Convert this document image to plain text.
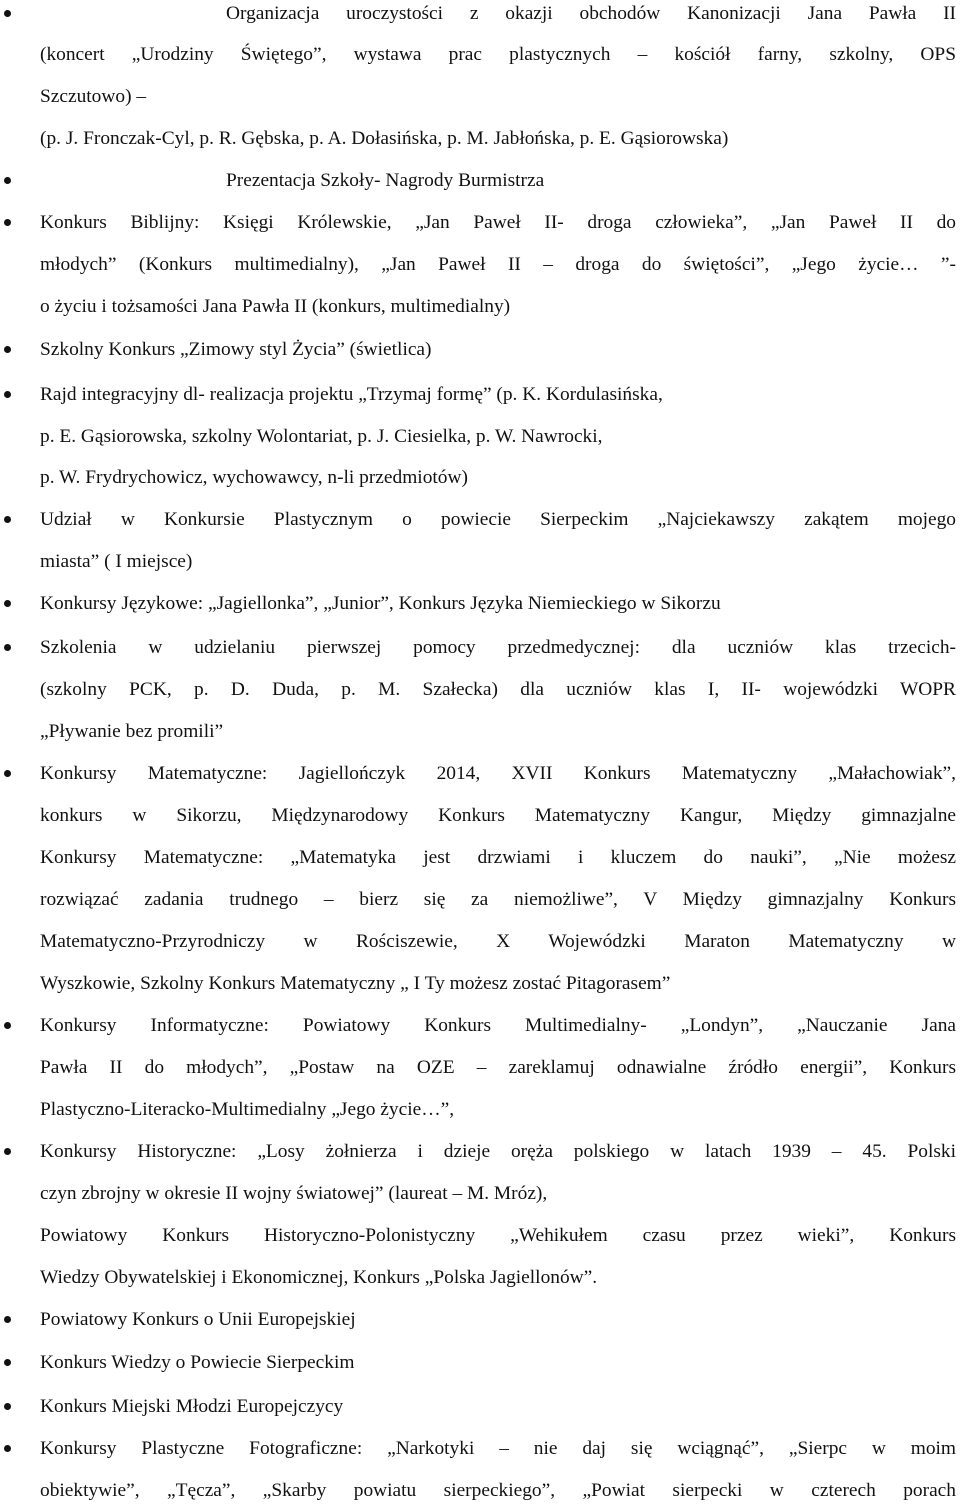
Organizacja uroczystości z okazji obchodów Kanonizacji Jana Pawła II
(koncert „Urodziny Świętego”, wystawa prac plastycznych – kościół farny, szkolny, OPS
Szczutowo) –
(p. J. Fronczak-Cyl, p. R. Gębska, p. A. Dołasińska, p. M. Jabłońska, p. E. Gąsiorowska)
Prezentacja Szkoły- Nagrody Burmistrza
Konkurs Biblijny: Księgi Królewskie, „Jan Paweł II- droga człowieka”, „Jan Paweł II do
młodych” (Konkurs multimedialny), „Jan Paweł II – droga do świętości”, „Jego życie… ”-
o życiu i tożsamości Jana Pawła II (konkurs, multimedialny)
Szkolny Konkurs „Zimowy styl Życia” (świetlica)
Rajd integracyjny dl- realizacja projektu „Trzymaj formę” (p. K. Kordulasińska,
p. E. Gąsiorowska, szkolny Wolontariat, p. J. Ciesielka, p. W. Nawrocki,
p. W. Frydrychowicz, wychowawcy, n-li przedmiotów)
Udział w Konkursie Plastycznym o powiecie Sierpeckim „Najciekawszy zakątem mojego
miasta” ( I miejsce)
Konkursy Językowe: „Jagiellonka”, „Junior”, Konkurs Języka Niemieckiego w Sikorzu
Szkolenia w udzielaniu pierwszej pomocy przedmedycznej: dla uczniów klas trzecich-
(szkolny PCK, p. D. Duda, p. M. Szałecka) dla uczniów klas I, II- wojewódzki WOPR
„Pływanie bez promili”
Konkursy Matematyczne: Jagiellończyk 2014, XVII Konkurs Matematyczny „Małachowiak”,
konkurs w Sikorzu, Międzynarodowy Konkurs Matematyczny Kangur, Między gimnazjalne
Konkursy Matematyczne: „Matematyka jest drzwiami i kluczem do nauki”, „Nie możesz
rozwiązać zadania trudnego – bierz się za niemożliwe”, V Między gimnazjalny Konkurs
Matematyczno-Przyrodniczy w Rościszewie, X Wojewódzki Maraton Matematyczny w
Wyszkowie, Szkolny Konkurs Matematyczny „ I Ty możesz zostać Pitagorasem”
Konkursy Informatyczne: Powiatowy Konkurs Multimedialny- „Londyn”, „Nauczanie Jana
Pawła II do młodych”, „Postaw na OZE – zareklamuj odnawialne źródło energii”, Konkurs
Plastyczno-Literacko-Multimedialny „Jego życie…”,
Konkursy Historyczne: „Losy żołnierza i dzieje oręża polskiego w latach 1939 – 45. Polski
czyn zbrojny w okresie II wojny światowej” (laureat – M. Mróz),
Powiatowy Konkurs Historyczno-Polonistyczny „Wehikułem czasu przez wieki”, Konkurs
Wiedzy Obywatelskiej i Ekonomicznej, Konkurs „Polska Jagiellonów”.
Powiatowy Konkurs o Unii Europejskiej
Konkurs Wiedzy o Powiecie Sierpeckim
Konkurs Miejski Młodzi Europejczycy
Konkursy Plastyczne Fotograficzne: „Narkotyki – nie daj się wciągnąć”, „Sierpc w moim
obiektywie”, „Tęcza”, „Skarby powiatu sierpeckiego”, „Powiat sierpecki w czterech porach
